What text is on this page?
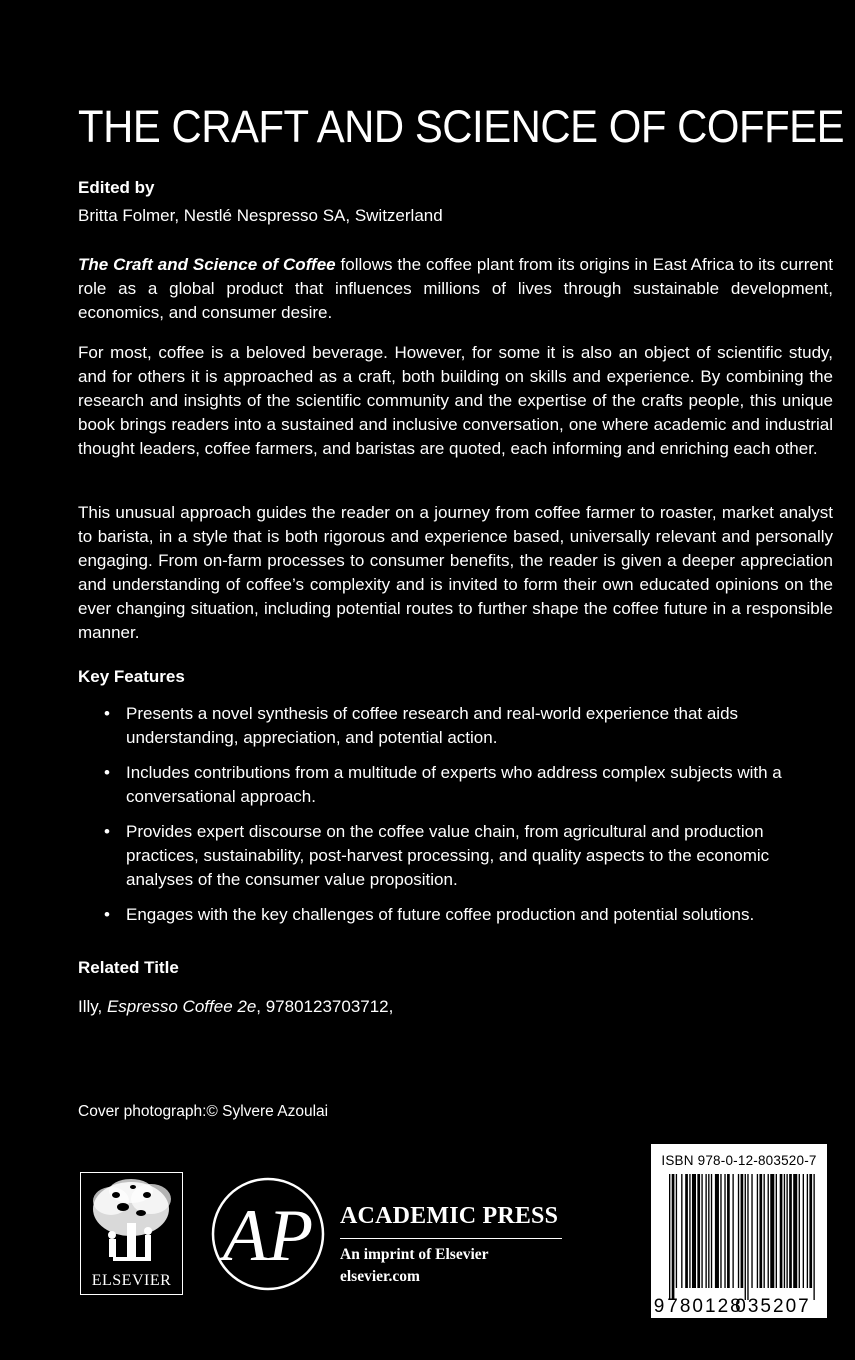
THE CRAFT AND SCIENCE OF COFFEE
Edited by
Britta Folmer, Nestlé Nespresso SA, Switzerland
The Craft and Science of Coffee follows the coffee plant from its origins in East Africa to its current role as a global product that influences millions of lives through sustainable development, economics, and consumer desire.
For most, coffee is a beloved beverage. However, for some it is also an object of scientific study, and for others it is approached as a craft, both building on skills and experience. By combining the research and insights of the scientific community and the expertise of the crafts people, this unique book brings readers into a sustained and inclusive conversation, one where academic and industrial thought leaders, coffee farmers, and baristas are quoted, each informing and enriching each other.
This unusual approach guides the reader on a journey from coffee farmer to roaster, market analyst to barista, in a style that is both rigorous and experience based, universally relevant and personally engaging. From on-farm processes to consumer benefits, the reader is given a deeper appreciation and understanding of coffee’s complexity and is invited to form their own educated opinions on the ever changing situation, including potential routes to further shape the coffee future in a responsible manner.
Key Features
• Presents a novel synthesis of coffee research and real-world experience that aids understanding, appreciation, and potential action.
• Includes contributions from a multitude of experts who address complex subjects with a conversational approach.
• Provides expert discourse on the coffee value chain, from agricultural and production practices, sustainability, post-harvest processing, and quality aspects to the economic analyses of the consumer value proposition.
• Engages with the key challenges of future coffee production and potential solutions.
Related Title
Illy, Espresso Coffee 2e, 9780123703712,
Cover photograph:© Sylvere Azoulai
ELSEVIER
AP ACADEMIC PRESS
An imprint of Elsevier
elsevier.com
ISBN 978-0-12-803520-7
9 780128
035207
